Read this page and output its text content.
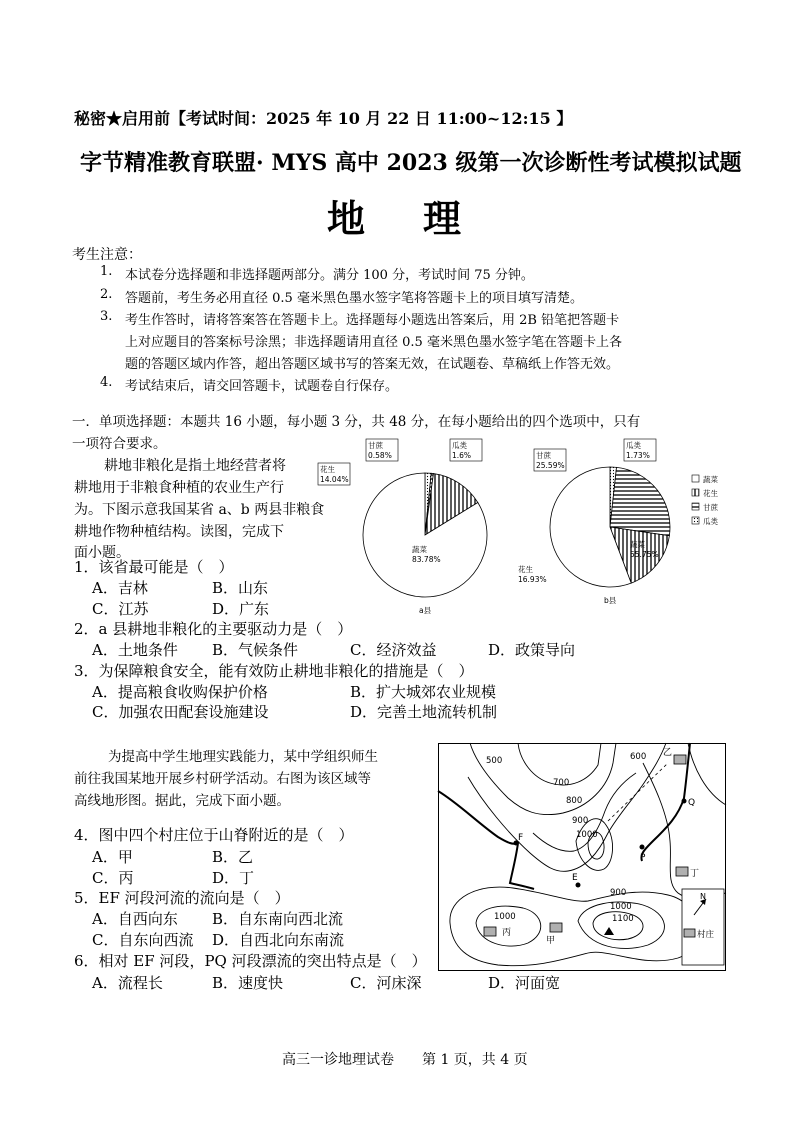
秘密★启用前【考试时间：2025 年 10 月 22 日 11:00~12:15 】
字节精准教育联盟· MYS 高中 2023 级第一次诊断性考试模拟试题
地理
考生注意：
1. 本试卷分选择题和非选择题两部分。满分 100 分，考试时间 75 分钟。
2. 答题前，考生务必用直径 0.5 毫米黑色墨水签字笔将答题卡上的项目填写清楚。
3. 考生作答时，请将答案答在答题卡上。选择题每小题选出答案后，用 2B 铅笔把答题卡
上对应题目的答案标号涂黑；非选择题请用直径 0.5 毫米黑色墨水签字笔在答题卡上各
题的答题区域内作答，超出答题区域书写的答案无效，在试题卷、草稿纸上作答无效。
4. 考试结束后，请交回答题卡，试题卷自行保存。
一．单项选择题：本题共 16 小题，每小题 3 分，共 48 分，在每小题给出的四个选项中，只有
一项符合要求。
耕地非粮化是指土地经营者将
耕地用于非粮食种植的农业生产行
为。下图示意我国某省 a、b 两县非粮食
耕地作物种植结构。读图，完成下
面小题。	蔬菜
83.78%
花生
14.04%
甘蔗
0.58%
瓜类
1.6%
a县
蔬菜
55.75%
花生
16.93%
甘蔗
25.59%
瓜类
1.73%
b县
蔬菜
花生
甘蔗
瓜类
1．该省最可能是（　）
A．吉林	B．山东
C．江苏	D．广东
2．a 县耕地非粮化的主要驱动力是（　）
A．土地条件 B．气候条件	C．经济效益	D．政策导向
3．为保障粮食安全，能有效防止耕地非粮化的措施是（　）
A．提高粮食收购保护价格	B．扩大城郊农业规模
C．加强农田配套设施建设	D．完善土地流转机制
为提高中学生地理实践能力，某中学组织师生
前往我国某地开展乡村研学活动。右图为该区域等
高线地形图。据此，完成下面小题。
F
E
P
Q
500	600
700
800
900
1000
900
1000
1000
1100
甲
乙
丙
丁
N
村庄
4．图中四个村庄位于山脊附近的是（　）
A．甲	B．乙
C．丙	D．丁
5．EF 河段河流的流向是（　）
A．自西向东 B．自东南向西北流
C．自东向西流 D．自西北向东南流
6．相对 EF 河段，PQ 河段漂流的突出特点是（　）
A．流程长	B．速度快	C．河床深	D．河面宽
高三一诊地理试卷　　第 1 页，共 4 页
